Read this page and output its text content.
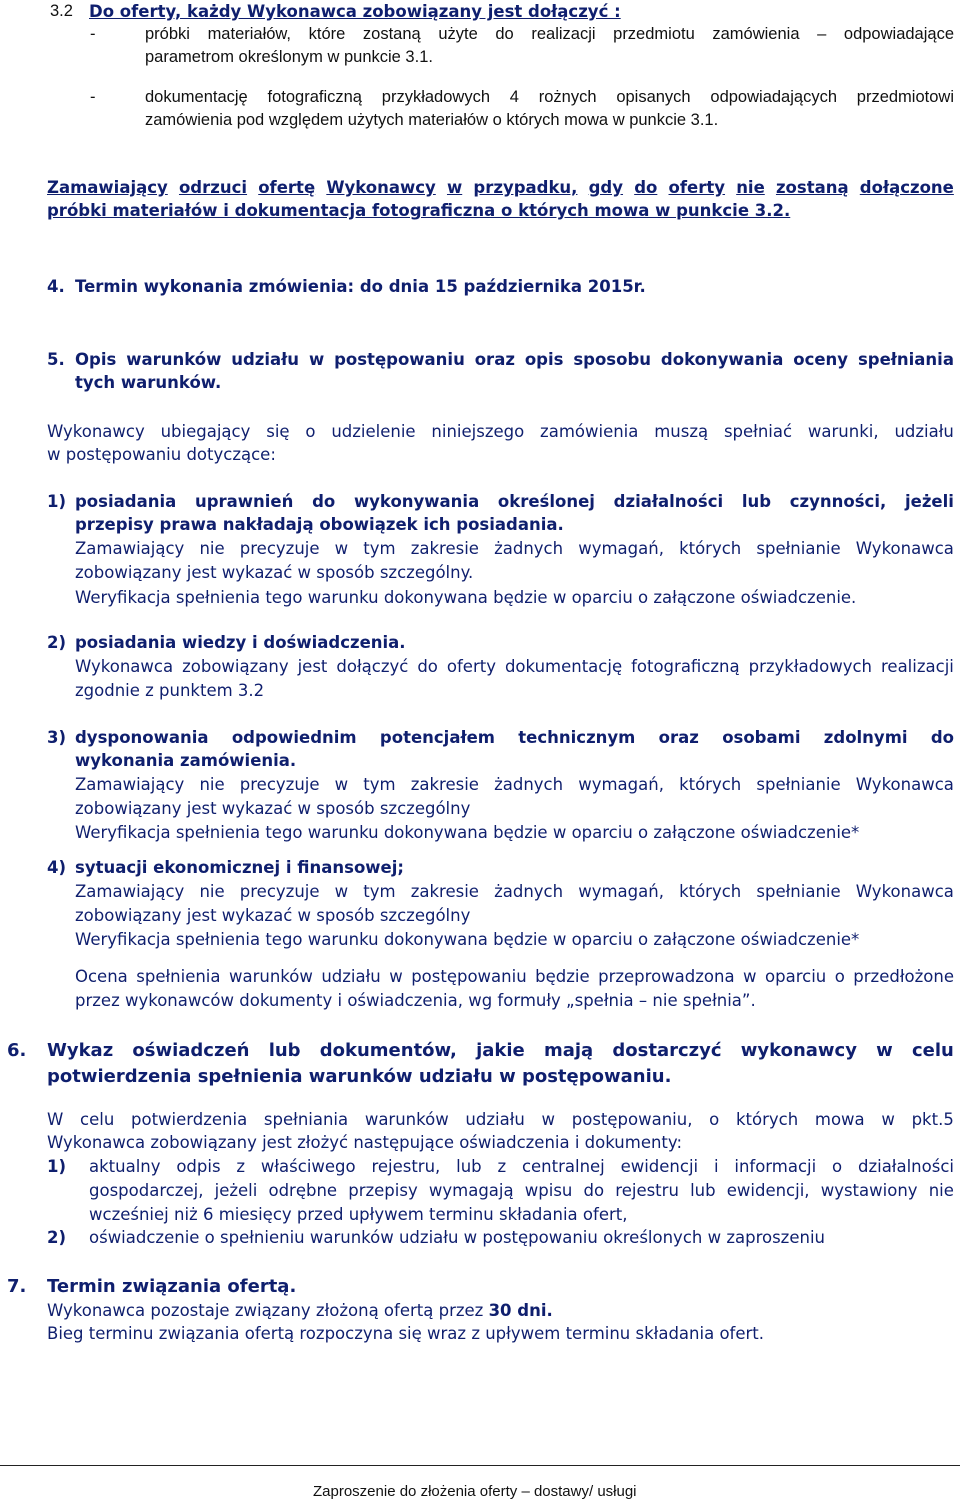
3.2 Do oferty, każdy Wykonawca zobowiązany jest dołączyć :
-	próbki materiałów, które zostaną użyte do realizacji przedmiotu zamówienia – odpowiadające
parametrom określonym w punkcie 3.1.
-	dokumentację fotograficzną przykładowych 4 rożnych opisanych odpowiadających przedmiotowi
zamówienia pod względem użytych materiałów o których mowa w punkcie 3.1.
Zamawiający odrzuci ofertę Wykonawcy w przypadku, gdy do oferty nie zostaną dołączone
próbki materiałów i dokumentacja fotograficzna o których mowa w punkcie 3.2.
4. Termin wykonania zmówienia: do dnia 15 października 2015r.
5. Opis warunków udziału w postępowaniu oraz opis sposobu dokonywania oceny spełniania
tych warunków.
Wykonawcy ubiegający się o udzielenie niniejszego zamówienia muszą spełniać warunki, udziału
w postępowaniu dotyczące:
1) posiadania uprawnień do wykonywania określonej działalności lub czynności, jeżeli
przepisy prawa nakładają obowiązek ich posiadania.
Zamawiający nie precyzuje w tym zakresie żadnych wymagań, których spełnianie Wykonawca
zobowiązany jest wykazać w sposób szczególny.
Weryfikacja spełnienia tego warunku dokonywana będzie w oparciu o załączone oświadczenie.
2) posiadania wiedzy i doświadczenia.
Wykonawca zobowiązany jest dołączyć do oferty dokumentację fotograficzną przykładowych realizacji
zgodnie z punktem 3.2
3) dysponowania odpowiednim potencjałem technicznym oraz osobami zdolnymi do
wykonania zamówienia.
Zamawiający nie precyzuje w tym zakresie żadnych wymagań, których spełnianie Wykonawca
zobowiązany jest wykazać w sposób szczególny
Weryfikacja spełnienia tego warunku dokonywana będzie w oparciu o załączone oświadczenie*
4) sytuacji ekonomicznej i finansowej;
Zamawiający nie precyzuje w tym zakresie żadnych wymagań, których spełnianie Wykonawca
zobowiązany jest wykazać w sposób szczególny
Weryfikacja spełnienia tego warunku dokonywana będzie w oparciu o załączone oświadczenie*
Ocena spełnienia warunków udziału w postępowaniu będzie przeprowadzona w oparciu o przedłożone
przez wykonawców dokumenty i oświadczenia, wg formuły „spełnia – nie spełnia”.
6. Wykaz oświadczeń lub dokumentów, jakie mają dostarczyć wykonawcy w celu
potwierdzenia spełnienia warunków udziału w postępowaniu.
W celu potwierdzenia spełniania warunków udziału w postępowaniu, o których mowa w pkt.5
Wykonawca zobowiązany jest złożyć następujące oświadczenia i dokumenty:
1) aktualny odpis z właściwego rejestru, lub z centralnej ewidencji i informacji o działalności
gospodarczej, jeżeli odrębne przepisy wymagają wpisu do rejestru lub ewidencji, wystawiony nie
wcześniej niż 6 miesięcy przed upływem terminu składania ofert,
2) oświadczenie o spełnieniu warunków udziału w postępowaniu określonych w zaproszeniu
7. Termin związania ofertą.
Wykonawca pozostaje związany złożoną ofertą przez 30 dni.
Bieg terminu związania ofertą rozpoczyna się wraz z upływem terminu składania ofert.
Zaproszenie do złożenia oferty – dostawy/ usługi
